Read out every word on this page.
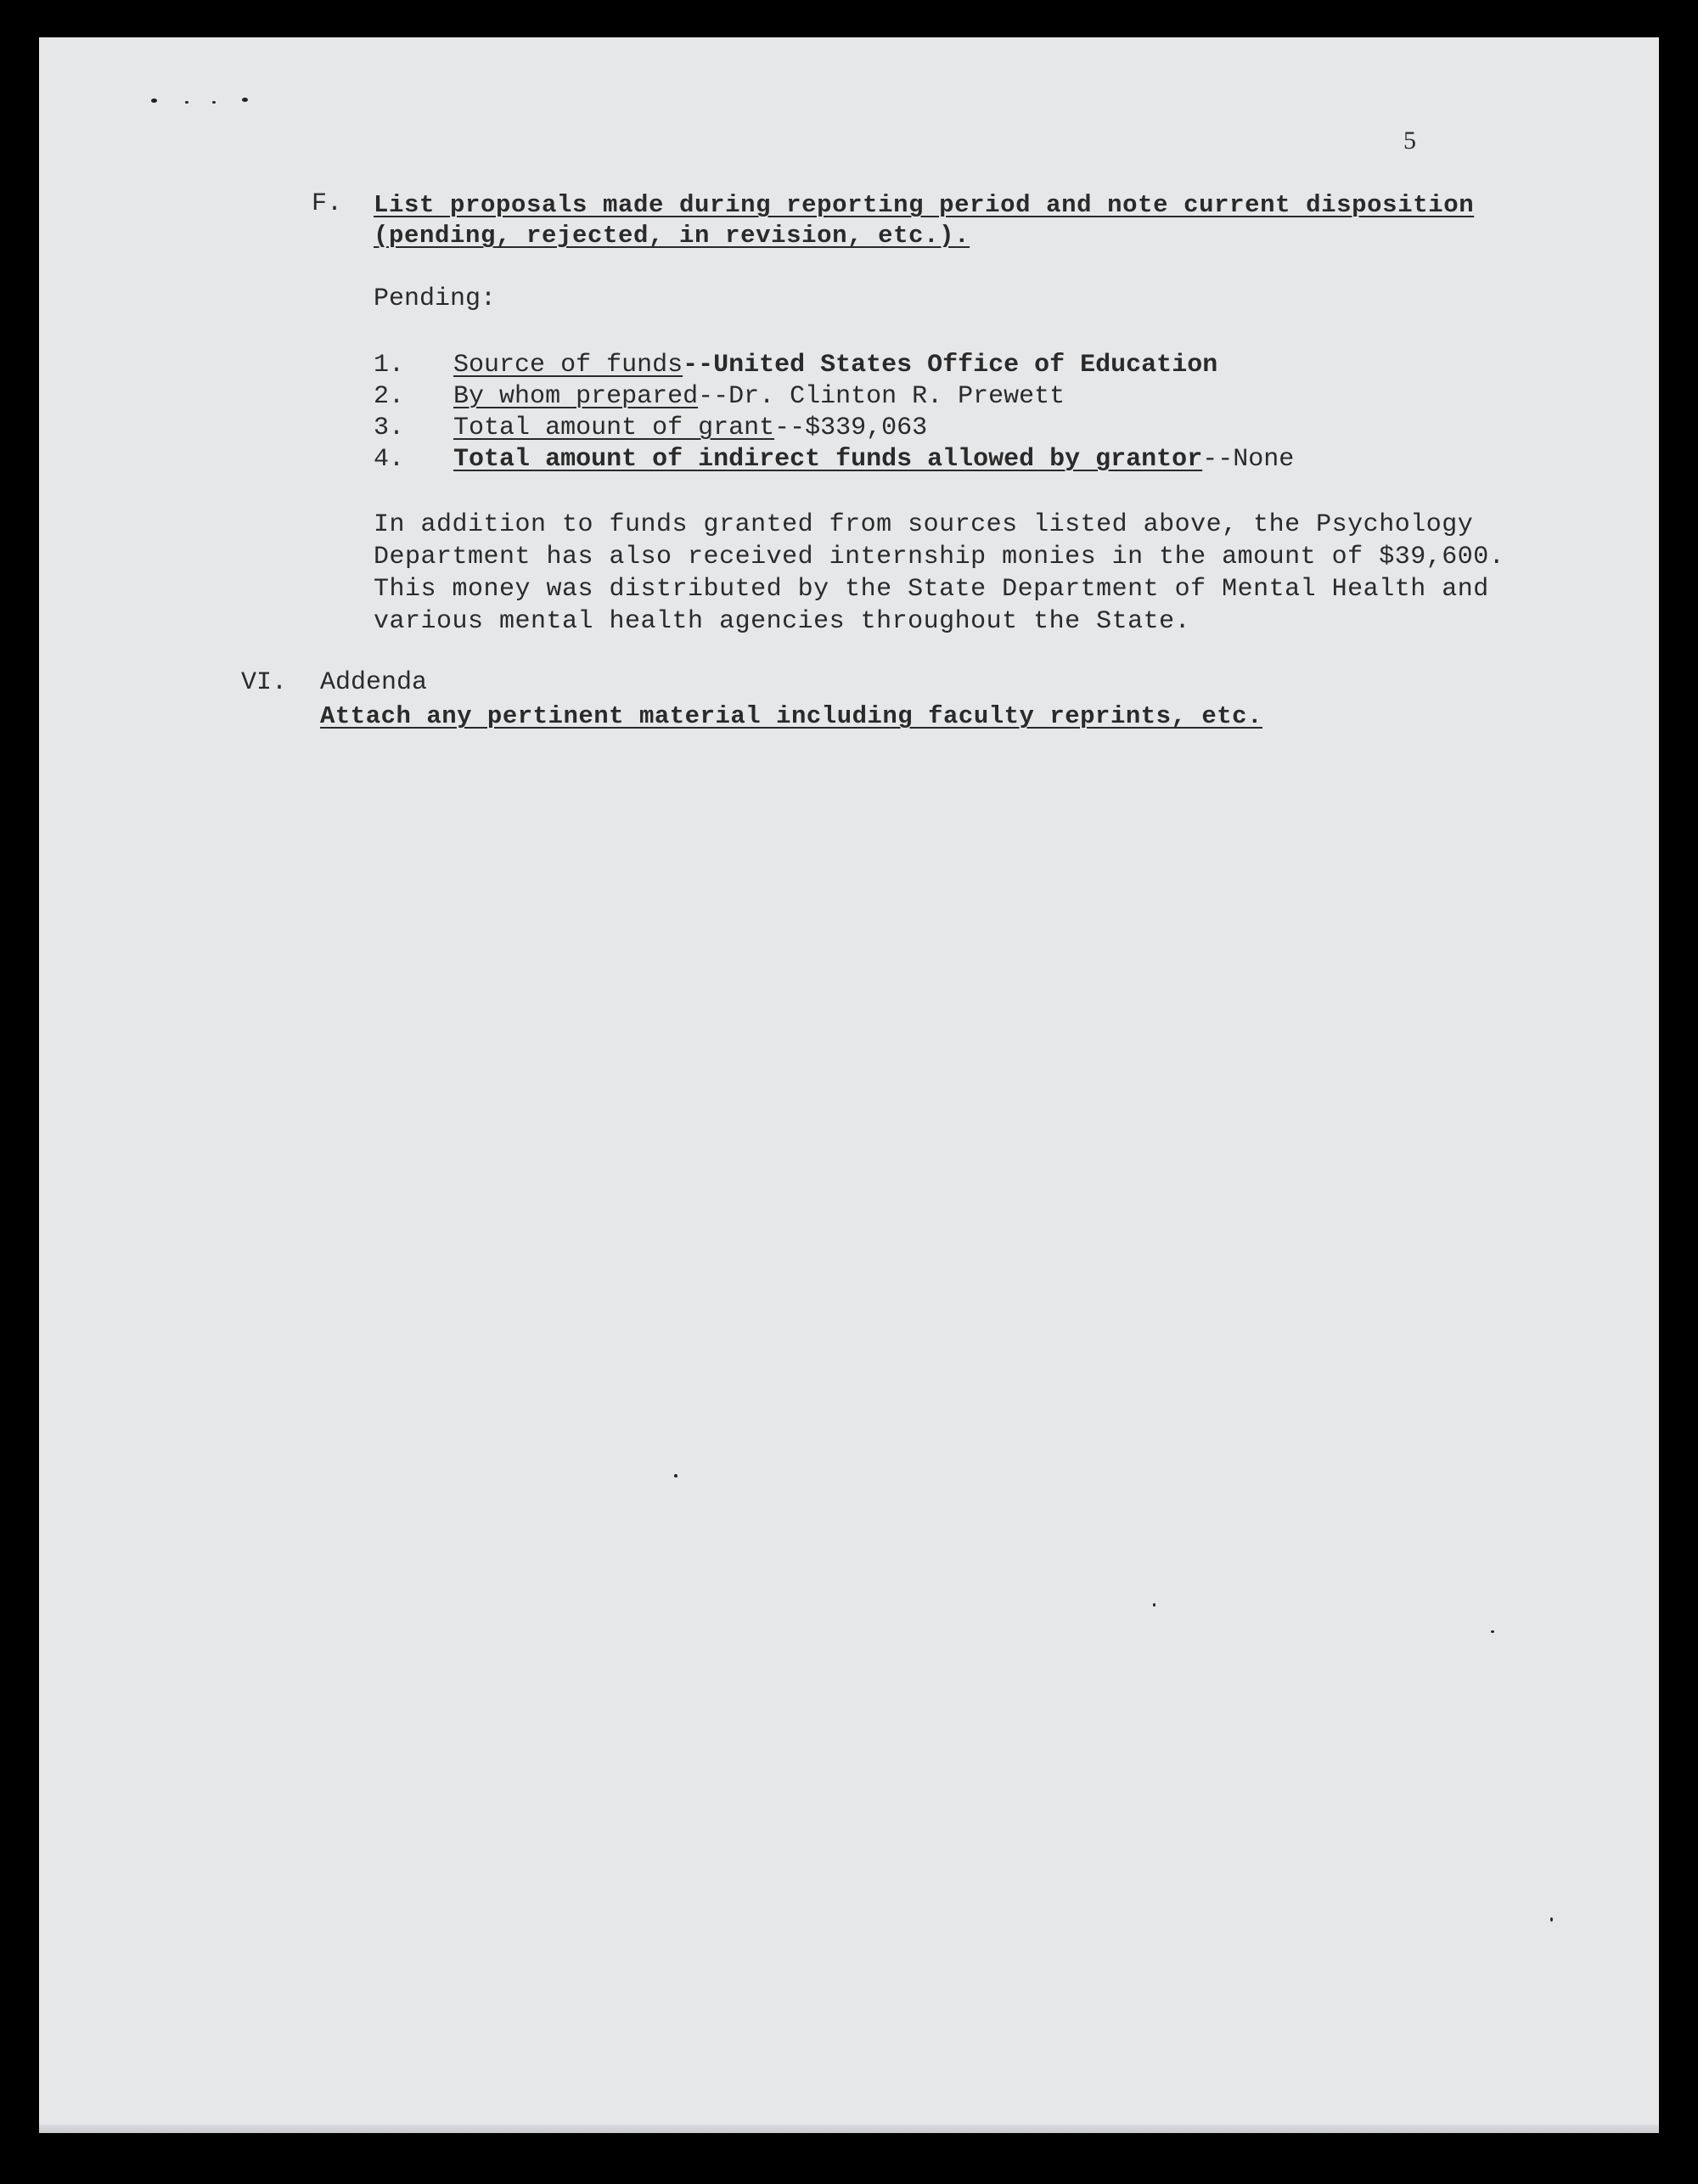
5
F. List proposals made during reporting period and note current disposition
(pending, rejected, in revision, etc.).
Pending:
1. Source of funds--United States Office of Education
2. By whom prepared--Dr. Clinton R. Prewett
3. Total amount of grant--$339,063
4. Total amount of indirect funds allowed by grantor--None
In addition to funds granted from sources listed above, the Psychology
Department has also received internship monies in the amount of $39,600.
This money was distributed by the State Department of Mental Health and
various mental health agencies throughout the State.
VI. Addenda
Attach any pertinent material including faculty reprints, etc.
